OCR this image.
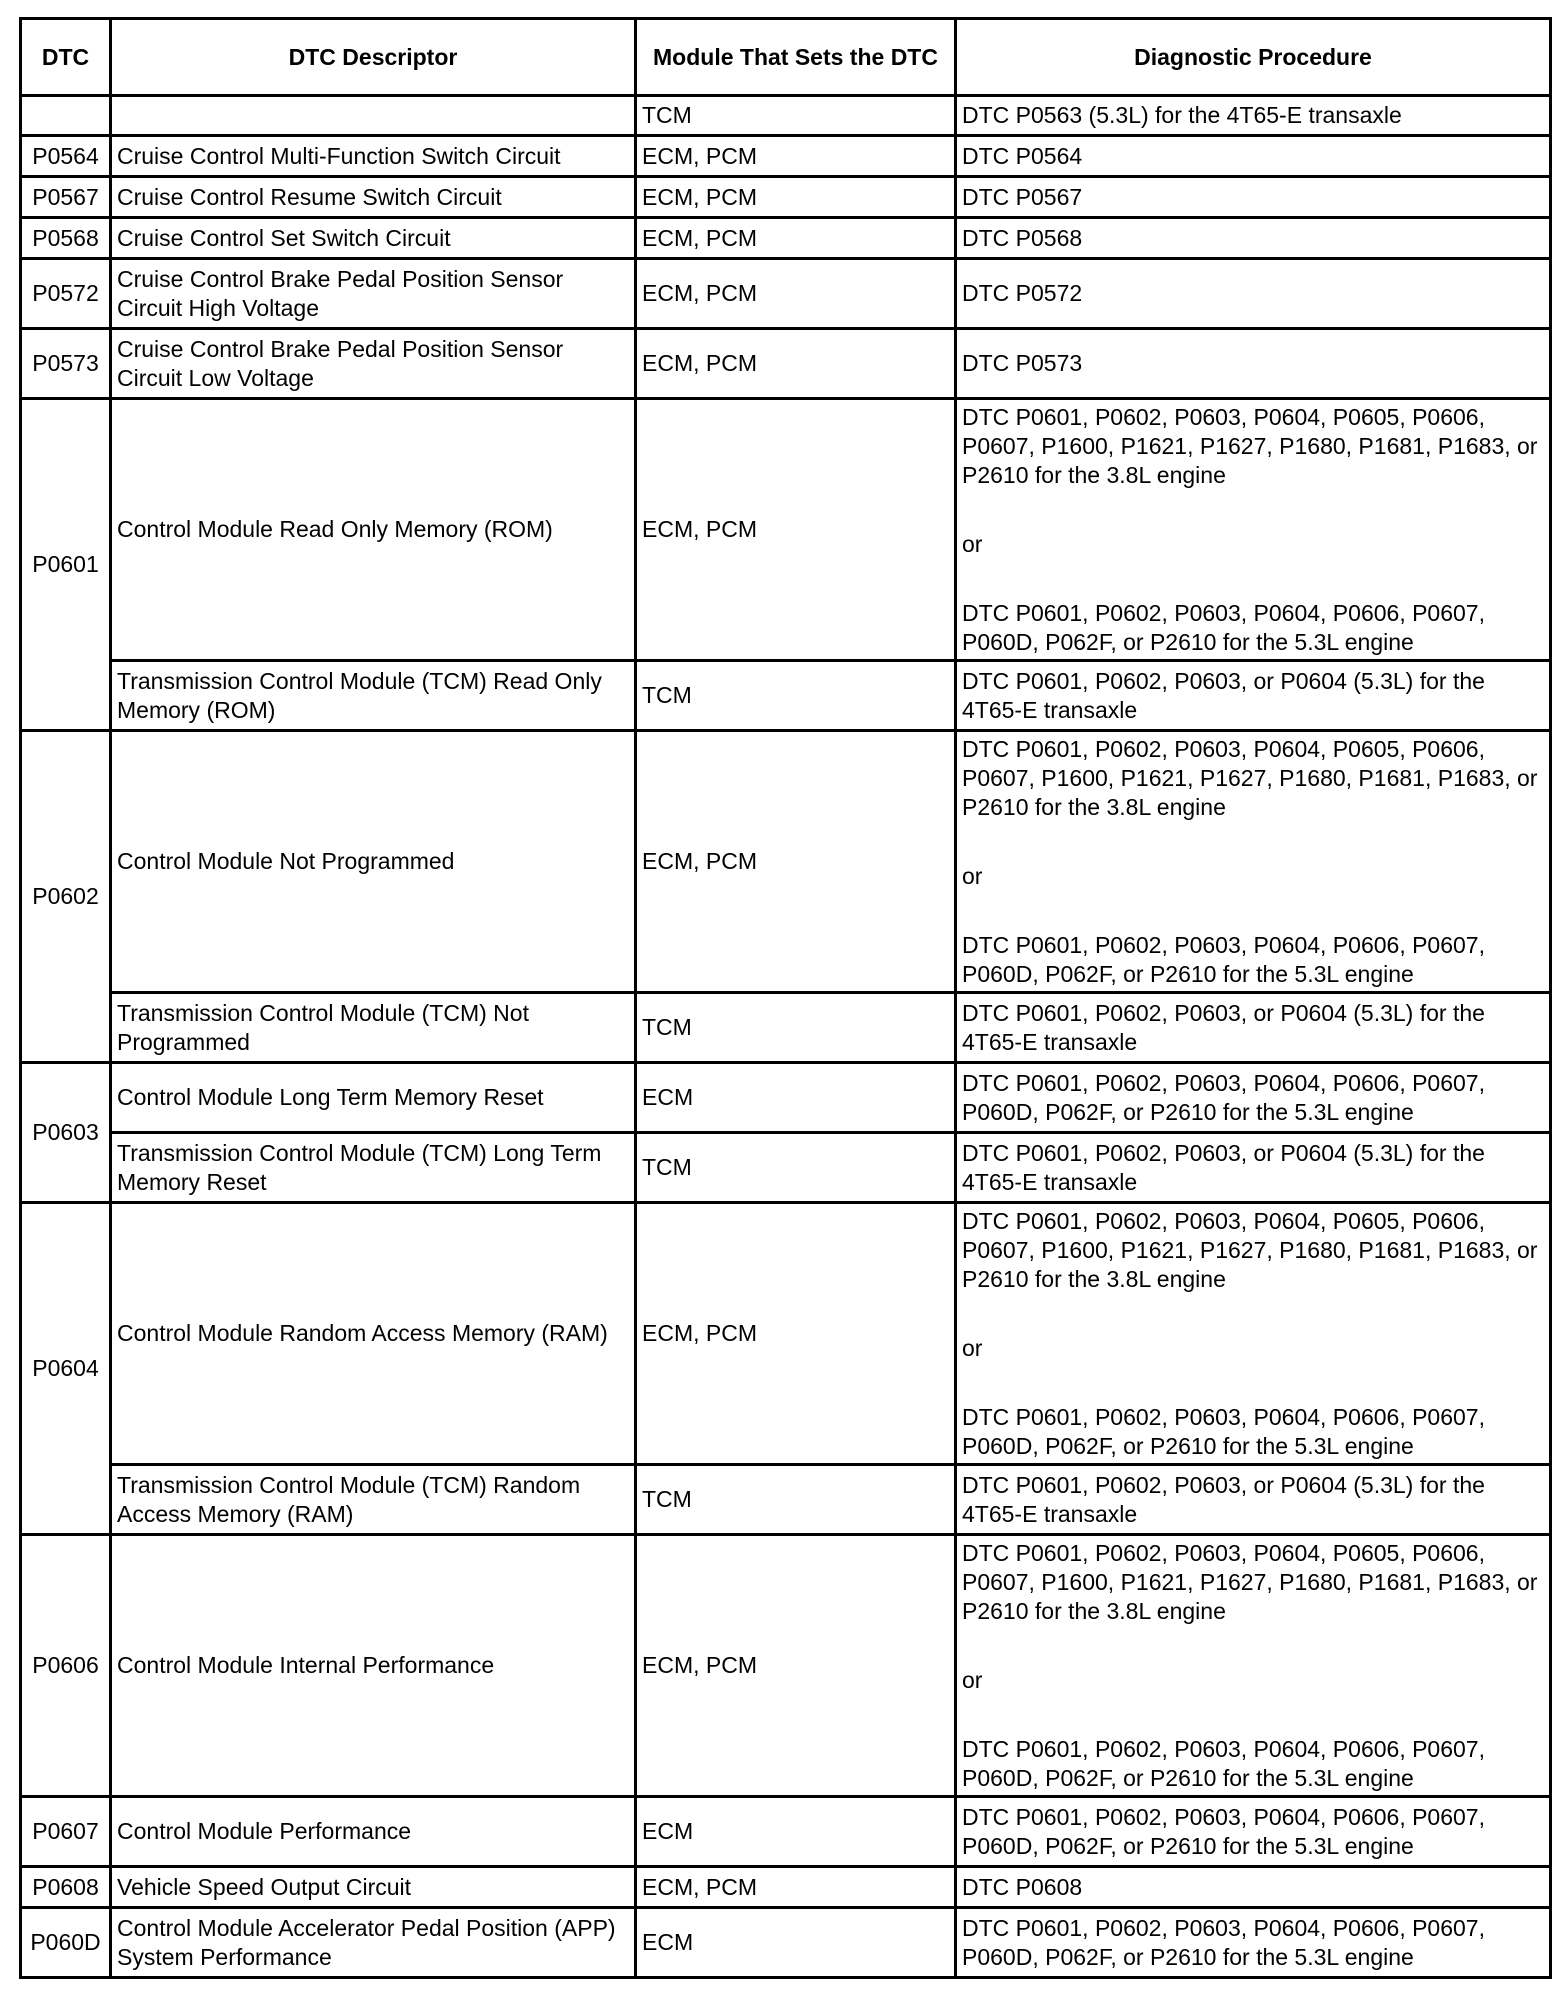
DTC	DTC Descriptor	Module That Sets the DTC	Diagnostic Procedure
		TCM	DTC P0563 (5.3L) for the 4T65-E transaxle
P0564	Cruise Control Multi-Function Switch Circuit	ECM, PCM	DTC P0564
P0567	Cruise Control Resume Switch Circuit	ECM, PCM	DTC P0567
P0568	Cruise Control Set Switch Circuit	ECM, PCM	DTC P0568
P0572	Cruise Control Brake Pedal Position Sensor Circuit High Voltage	ECM, PCM	DTC P0572
P0573	Cruise Control Brake Pedal Position Sensor Circuit Low Voltage	ECM, PCM	DTC P0573
P0601	Control Module Read Only Memory (ROM)	ECM, PCM	DTC P0601, P0602, P0603, P0604, P0605, P0606, P0607, P1600, P1621, P1627, P1680, P1681, P1683, or P2610 for the 3.8L engine
or
DTC P0601, P0602, P0603, P0604, P0606, P0607, P060D, P062F, or P2610 for the 5.3L engine

	Transmission Control Module (TCM) Read Only Memory (ROM)	TCM	DTC P0601, P0602, P0603, or P0604 (5.3L) for the 4T65-E transaxle
P0602	Control Module Not Programmed	ECM, PCM	DTC P0601, P0602, P0603, P0604, P0605, P0606, P0607, P1600, P1621, P1627, P1680, P1681, P1683, or P2610 for the 3.8L engine
or
DTC P0601, P0602, P0603, P0604, P0606, P0607, P060D, P062F, or P2610 for the 5.3L engine

	Transmission Control Module (TCM) Not Programmed	TCM	DTC P0601, P0602, P0603, or P0604 (5.3L) for the 4T65-E transaxle
P0603	Control Module Long Term Memory Reset	ECM	DTC P0601, P0602, P0603, P0604, P0606, P0607, P060D, P062F, or P2610 for the 5.3L engine
	Transmission Control Module (TCM) Long Term Memory Reset	TCM	DTC P0601, P0602, P0603, or P0604 (5.3L) for the 4T65-E transaxle
P0604	Control Module Random Access Memory (RAM)	ECM, PCM	DTC P0601, P0602, P0603, P0604, P0605, P0606, P0607, P1600, P1621, P1627, P1680, P1681, P1683, or P2610 for the 3.8L engine
or
DTC P0601, P0602, P0603, P0604, P0606, P0607, P060D, P062F, or P2610 for the 5.3L engine

	Transmission Control Module (TCM) Random Access Memory (RAM)	TCM	DTC P0601, P0602, P0603, or P0604 (5.3L) for the 4T65-E transaxle
P0606	Control Module Internal Performance	ECM, PCM	DTC P0601, P0602, P0603, P0604, P0605, P0606, P0607, P1600, P1621, P1627, P1680, P1681, P1683, or P2610 for the 3.8L engine
or
DTC P0601, P0602, P0603, P0604, P0606, P0607, P060D, P062F, or P2610 for the 5.3L engine

P0607	Control Module Performance	ECM	DTC P0601, P0602, P0603, P0604, P0606, P0607, P060D, P062F, or P2610 for the 5.3L engine
P0608	Vehicle Speed Output Circuit	ECM, PCM	DTC P0608
P060D	Control Module Accelerator Pedal Position (APP) System Performance	ECM	DTC P0601, P0602, P0603, P0604, P0606, P0607, P060D, P062F, or P2610 for the 5.3L engine
